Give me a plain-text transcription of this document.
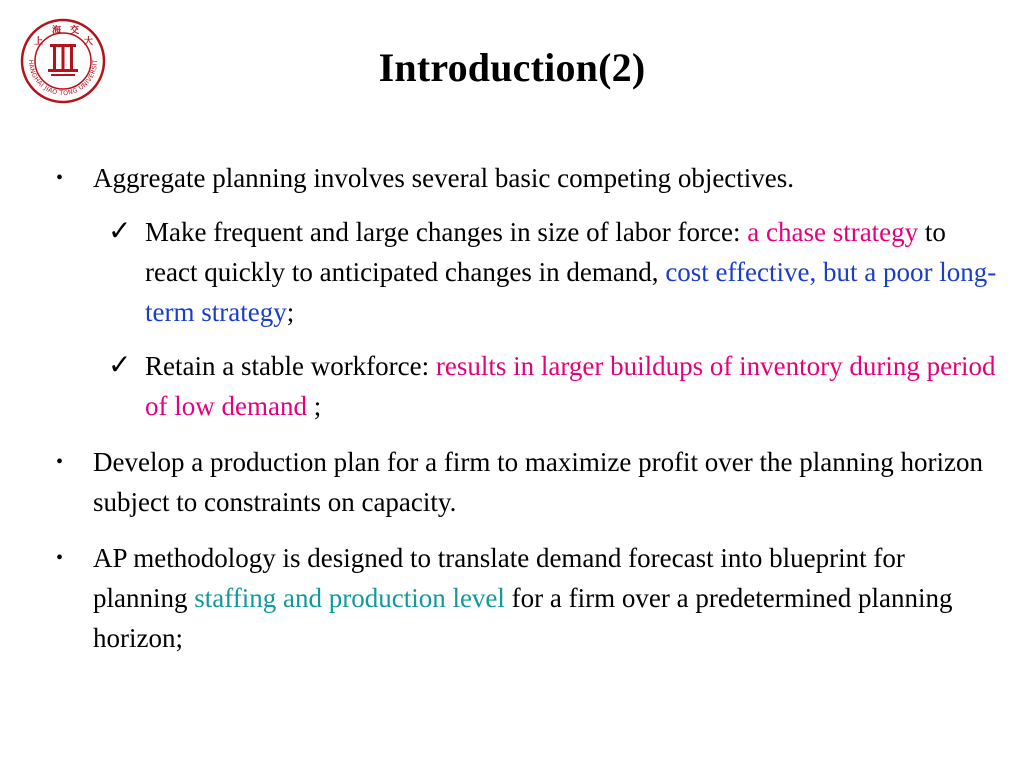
HANGHAI JIAO TONG UNIVERSIT
上
海 交
大
Introduction(2)
• Aggregate planning involves several basic competing objectives.
✓ Make frequent and large changes in size of labor force: a chase strategy to react quickly to anticipated changes in demand, cost effective, but a poor long-term strategy;
✓ Retain a stable workforce: results in larger buildups of inventory during period of low demand ;
• Develop a production plan for a firm to maximize profit over the planning horizon subject to constraints on capacity.
• AP methodology is designed to translate demand forecast into blueprint for planning staffing and production level for a firm over a predetermined planning horizon;
